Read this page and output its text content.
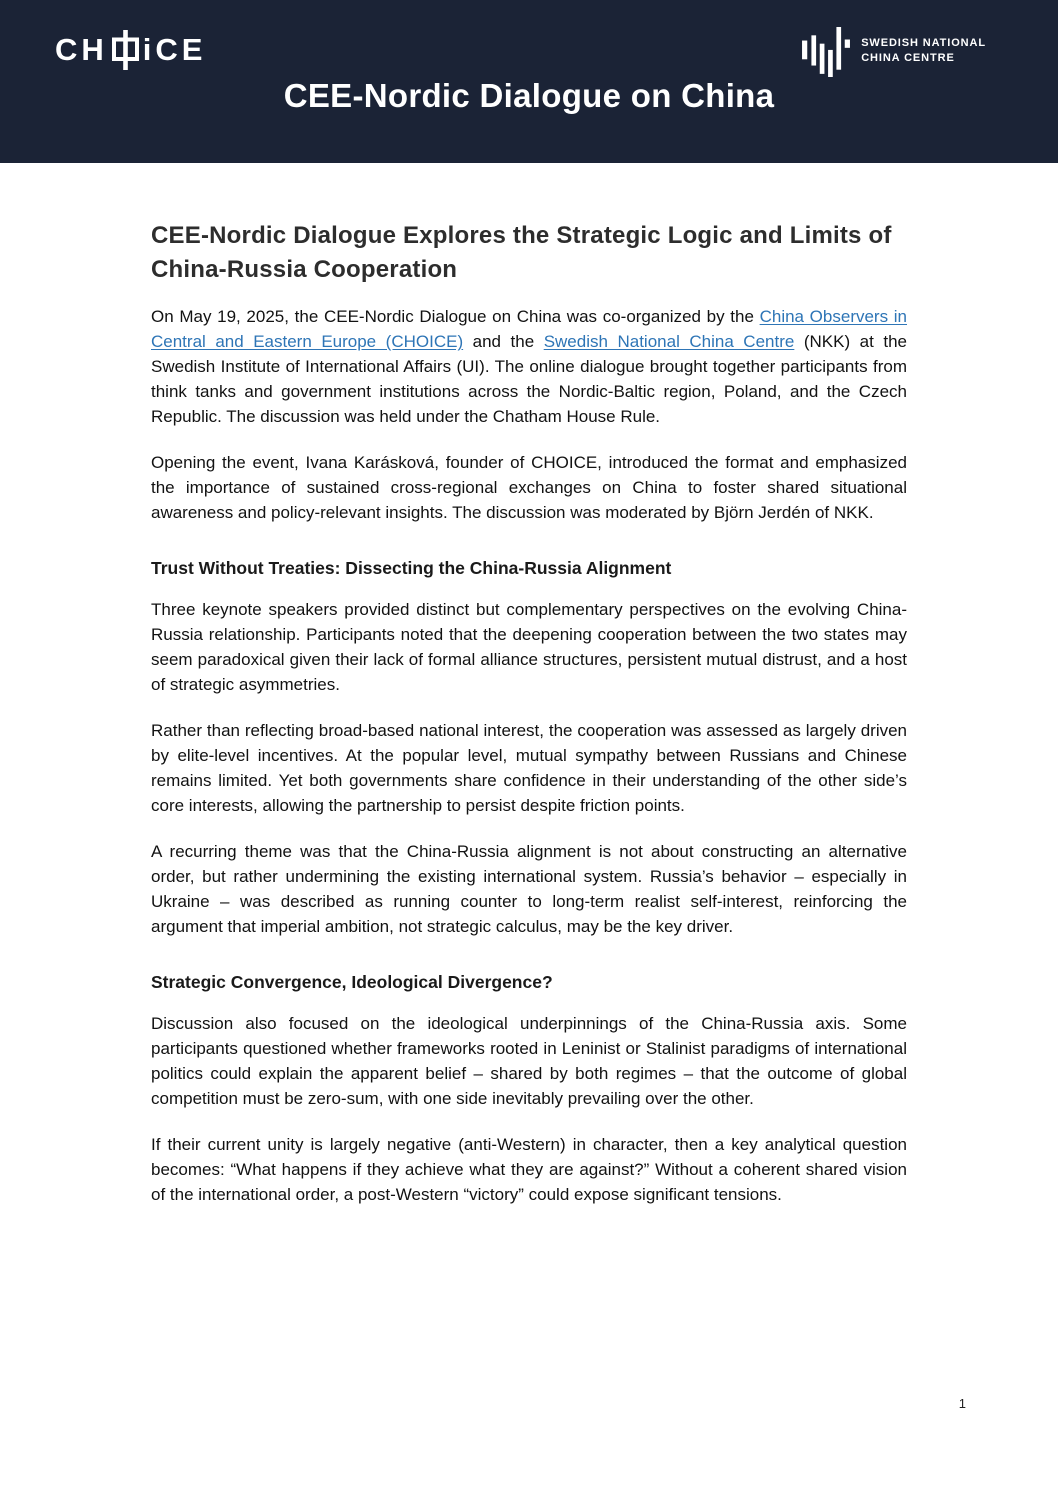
CH iCE
CEE-Nordic Dialogue on China
SWEDISH NATIONAL
CHINA CENTRE
CEE-Nordic Dialogue Explores the Strategic Logic and Limits of China-Russia Cooperation

On May 19, 2025, the CEE-Nordic Dialogue on China was co-organized by the China Observers in Central and Eastern Europe (CHOICE) and the Swedish National China Centre (NKK) at the Swedish Institute of International Affairs (UI). The online dialogue brought together participants from think tanks and government institutions across the Nordic-Baltic region, Poland, and the Czech Republic. The discussion was held under the Chatham House Rule.

Opening the event, Ivana Karásková, founder of CHOICE, introduced the format and emphasized the importance of sustained cross-regional exchanges on China to foster shared situational awareness and policy-relevant insights. The discussion was moderated by Björn Jerdén of NKK.

Trust Without Treaties: Dissecting the China-Russia Alignment

Three keynote speakers provided distinct but complementary perspectives on the evolving China-Russia relationship. Participants noted that the deepening cooperation between the two states may seem paradoxical given their lack of formal alliance structures, persistent mutual distrust, and a host of strategic asymmetries.

Rather than reflecting broad-based national interest, the cooperation was assessed as largely driven by elite-level incentives. At the popular level, mutual sympathy between Russians and Chinese remains limited. Yet both governments share confidence in their understanding of the other side’s core interests, allowing the partnership to persist despite friction points.

A recurring theme was that the China-Russia alignment is not about constructing an alternative order, but rather undermining the existing international system. Russia’s behavior – especially in Ukraine – was described as running counter to long-term realist self-interest, reinforcing the argument that imperial ambition, not strategic calculus, may be the key driver.

Strategic Convergence, Ideological Divergence?

Discussion also focused on the ideological underpinnings of the China-Russia axis. Some participants questioned whether frameworks rooted in Leninist or Stalinist paradigms of international politics could explain the apparent belief – shared by both regimes – that the outcome of global competition must be zero-sum, with one side inevitably prevailing over the other.

If their current unity is largely negative (anti-Western) in character, then a key analytical question becomes: “What happens if they achieve what they are against?” Without a coherent shared vision of the international order, a post-Western “victory” could expose significant tensions.

1
